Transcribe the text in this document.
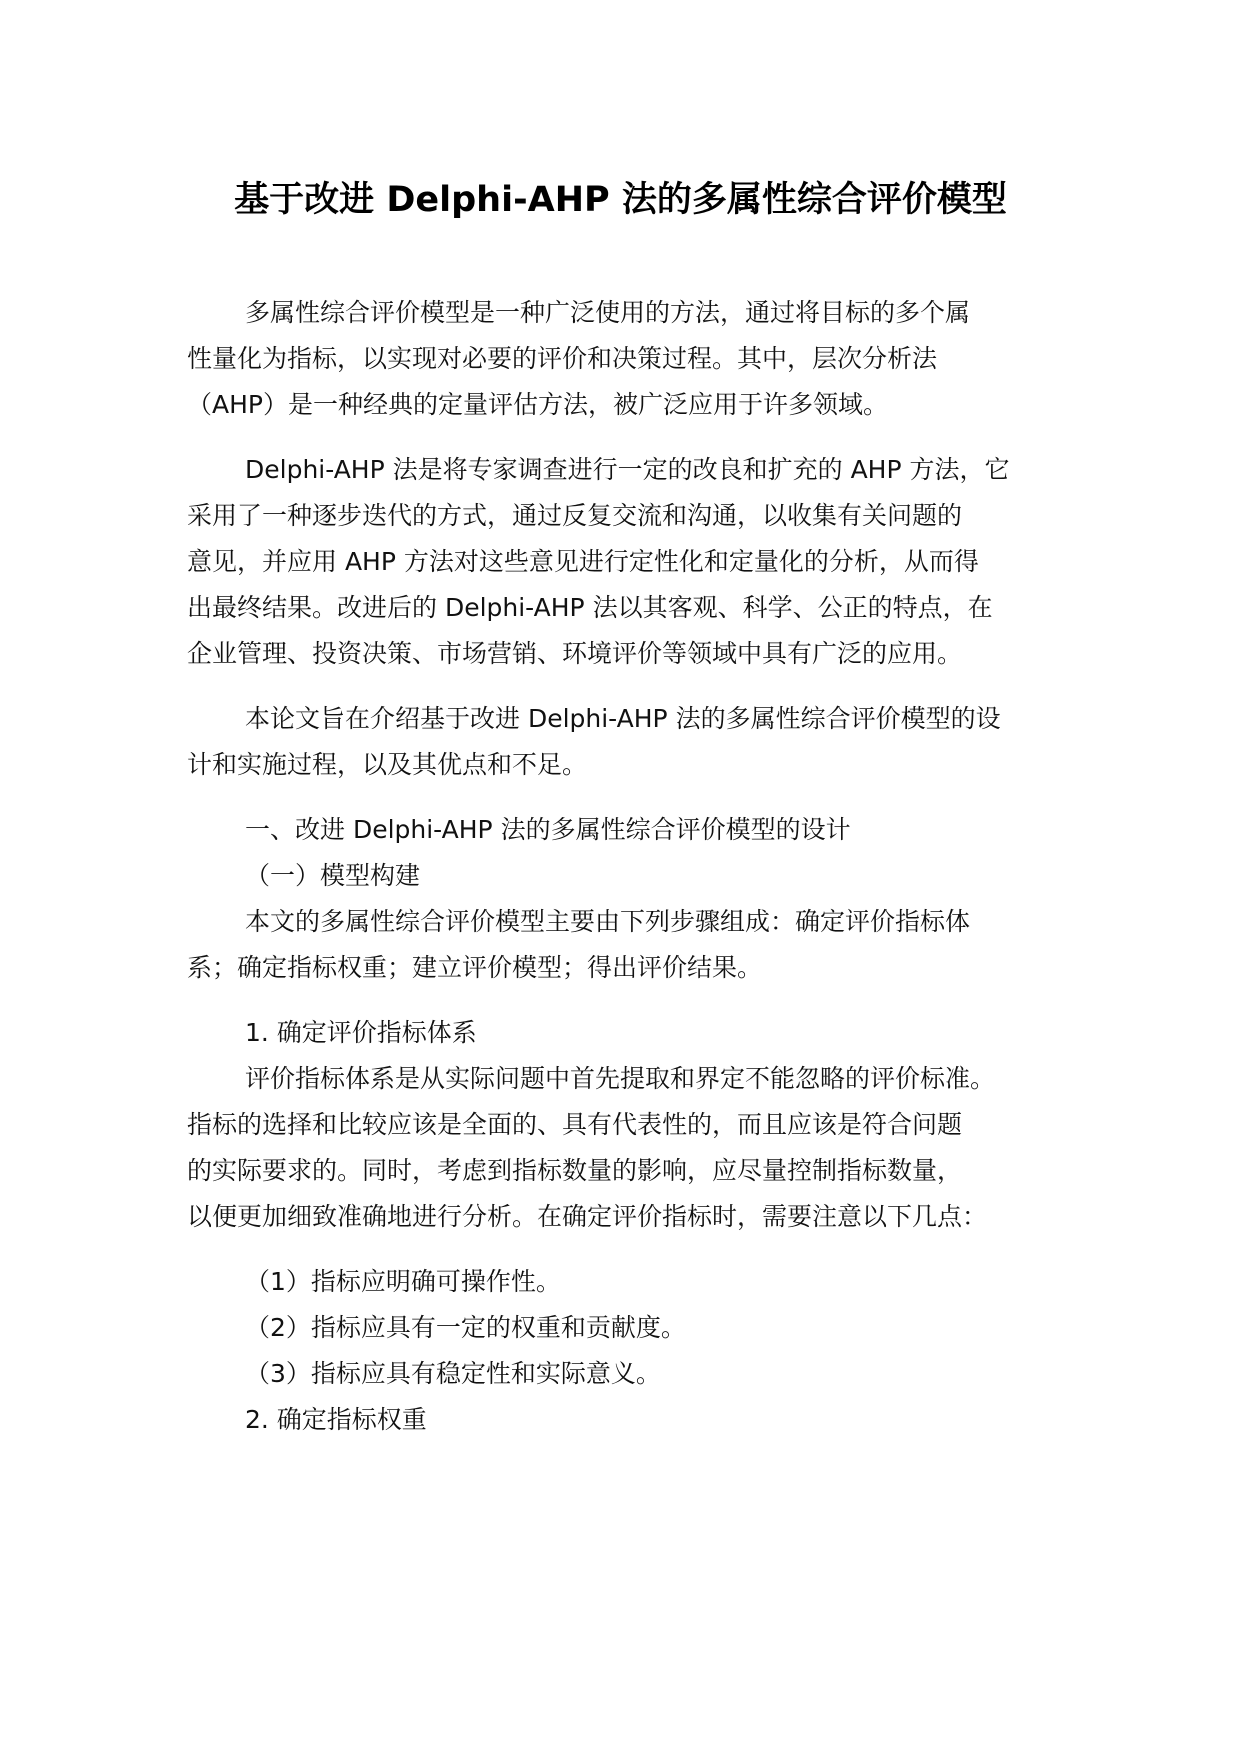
基于改进 Delphi-AHP 法的多属性综合评价模型

多属性综合评价模型是一种广泛使用的方法，通过将目标的多个属
性量化为指标，以实现对必要的评价和决策过程。其中，层次分析法
（AHP）是一种经典的定量评估方法，被广泛应用于许多领域。

Delphi-AHP 法是将专家调查进行一定的改良和扩充的 AHP 方法，它
采用了一种逐步迭代的方式，通过反复交流和沟通，以收集有关问题的
意见，并应用 AHP 方法对这些意见进行定性化和定量化的分析，从而得
出最终结果。改进后的 Delphi-AHP 法以其客观、科学、公正的特点，在
企业管理、投资决策、市场营销、环境评价等领域中具有广泛的应用。

本论文旨在介绍基于改进 Delphi-AHP 法的多属性综合评价模型的设
计和实施过程，以及其优点和不足。

一、改进 Delphi-AHP 法的多属性综合评价模型的设计

（一）模型构建

本文的多属性综合评价模型主要由下列步骤组成：确定评价指标体
系；确定指标权重；建立评价模型；得出评价结果。

1. 确定评价指标体系

评价指标体系是从实际问题中首先提取和界定不能忽略的评价标准。
指标的选择和比较应该是全面的、具有代表性的，而且应该是符合问题
的实际要求的。同时，考虑到指标数量的影响，应尽量控制指标数量，
以便更加细致准确地进行分析。在确定评价指标时，需要注意以下几点：

（1）指标应明确可操作性。

（2）指标应具有一定的权重和贡献度。

（3）指标应具有稳定性和实际意义。

2. 确定指标权重
